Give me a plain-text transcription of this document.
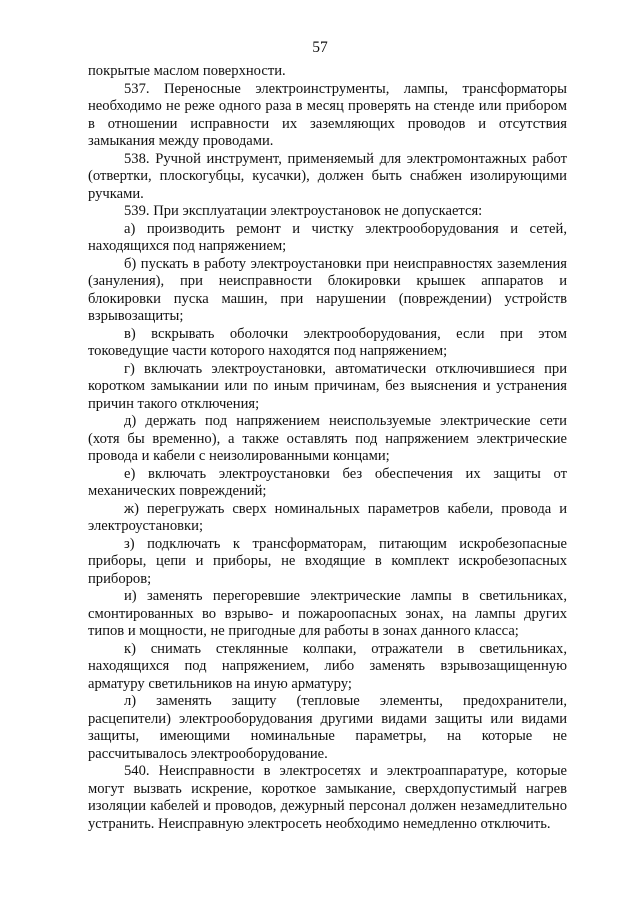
57

покрытые маслом поверхности.

537. Переносные электроинструменты, лампы, трансформаторы необходимо не реже одного раза в месяц проверять на стенде или прибором в отношении исправности их заземляющих проводов и отсутствия замыкания между проводами.

538. Ручной инструмент, применяемый для электромонтажных работ (отвертки, плоскогубцы, кусачки), должен быть снабжен изолирующими ручками.

539. При эксплуатации электроустановок не допускается:

а) производить ремонт и чистку электрооборудования и сетей, находящихся под напряжением;

б) пускать в работу электроустановки при неисправностях заземления (зануления), при неисправности блокировки крышек аппаратов и блокировки пуска машин, при нарушении (повреждении) устройств взрывозащиты;

в) вскрывать оболочки электрооборудования, если при этом токоведущие части которого находятся под напряжением;

г) включать электроустановки, автоматически отключившиеся при коротком замыкании или по иным причинам, без выяснения и устранения причин такого отключения;

д) держать под напряжением неиспользуемые электрические сети (хотя бы временно), а также оставлять под напряжением электрические провода и кабели с неизолированными концами;

е) включать электроустановки без обеспечения их защиты от механических повреждений;

ж) перегружать сверх номинальных параметров кабели, провода и электроустановки;

з) подключать к трансформаторам, питающим искробезопасные приборы, цепи и приборы, не входящие в комплект искробезопасных приборов;

и) заменять перегоревшие электрические лампы в светильниках, смонтированных во взрыво- и пожароопасных зонах, на лампы других типов и мощности, не пригодные для работы в зонах данного класса;

к) снимать стеклянные колпаки, отражатели в светильниках, находящихся под напряжением, либо заменять взрывозащищенную арматуру светильников на иную арматуру;

л) заменять защиту (тепловые элементы, предохранители, расцепители) электрооборудования другими видами защиты или видами защиты, имеющими номинальные параметры, на которые не рассчитывалось электрооборудование.

540. Неисправности в электросетях и электроаппаратуре, которые могут вызвать искрение, короткое замыкание, сверхдопустимый нагрев изоляции кабелей и проводов, дежурный персонал должен незамедлительно устранить. Неисправную электросеть необходимо немедленно отключить.
